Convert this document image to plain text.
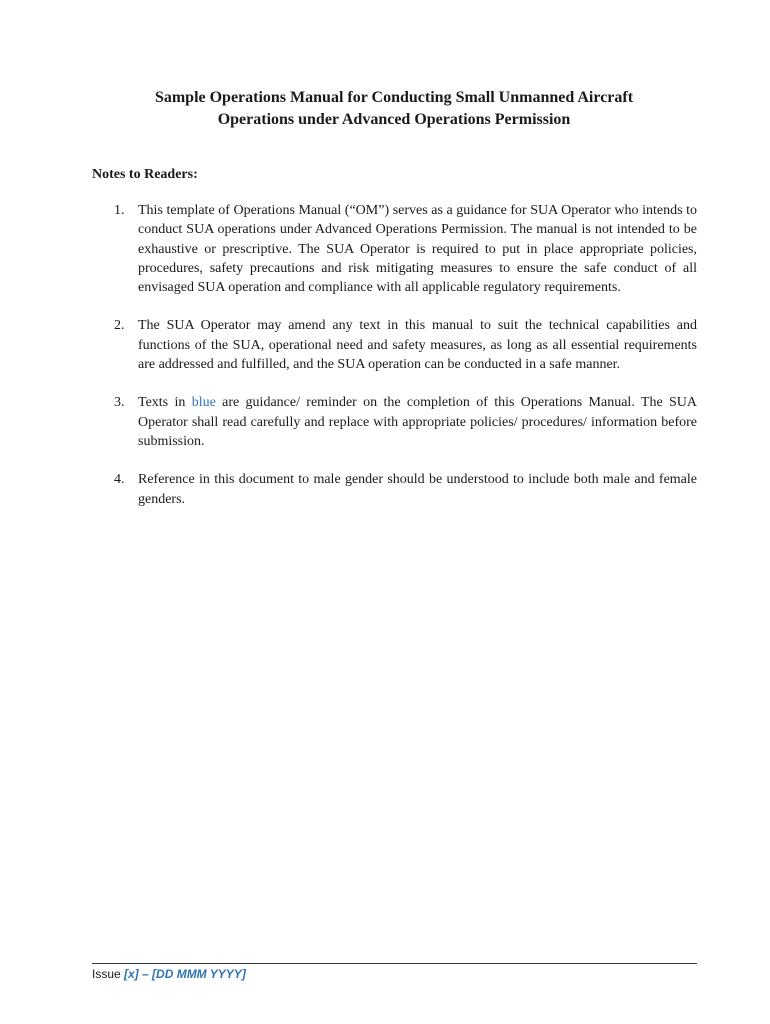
Sample Operations Manual for Conducting Small Unmanned Aircraft
Operations under Advanced Operations Permission
Notes to Readers:
1. This template of Operations Manual (“OM”) serves as a guidance for SUA Operator who intends to conduct SUA operations under Advanced Operations Permission. The manual is not intended to be exhaustive or prescriptive. The SUA Operator is required to put in place appropriate policies, procedures, safety precautions and risk mitigating measures to ensure the safe conduct of all envisaged SUA operation and compliance with all applicable regulatory requirements.
2. The SUA Operator may amend any text in this manual to suit the technical capabilities and functions of the SUA, operational need and safety measures, as long as all essential requirements are addressed and fulfilled, and the SUA operation can be conducted in a safe manner.
3. Texts in blue are guidance/ reminder on the completion of this Operations Manual. The SUA Operator shall read carefully and replace with appropriate policies/ procedures/ information before submission.
4. Reference in this document to male gender should be understood to include both male and female genders.
Issue [x] – [DD MMM YYYY]
